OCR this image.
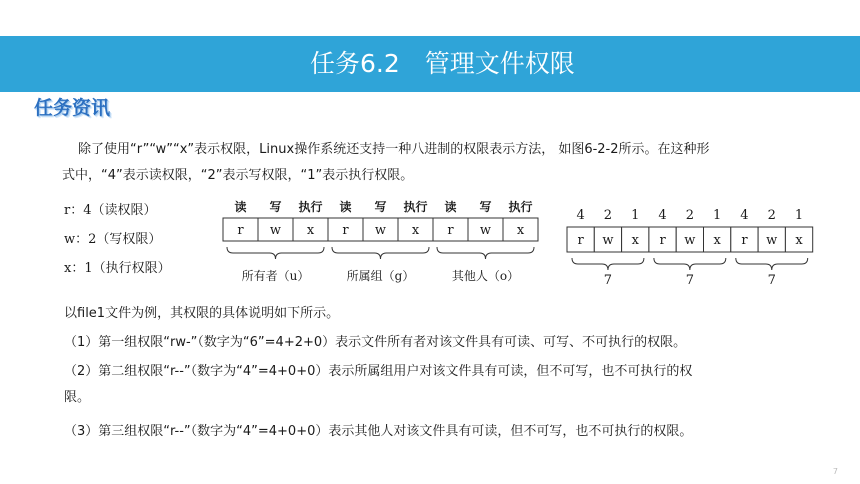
任务6.2　管理文件权限
任务资讯
除了使用“r”“w”“x”表示权限，Linux操作系统还支持一种八进制的权限表示方法， 如图6-2-2所示。在这种形
式中，“4”表示读权限，“2”表示写权限，“1”表示执行权限。
r：4（读权限）
w：2（写权限）
x：1（执行权限）
读 写 执行 读 写 执行 读 写 执行
r w x r w x r w x
所有者（u）	所属组（g）	其他人（o）
4 2 1 4 2 1 4 2 1
r w x r w x r w x
7	7	7
以file1文件为例，其权限的具体说明如下所示。
（1）第一组权限“rw-”（数字为“6”=4+2+0）表示文件所有者对该文件具有可读、可写、不可执行的权限。
（2）第二组权限“r--”（数字为“4”=4+0+0）表示所属组用户对该文件具有可读，但不可写，也不可执行的权
限。
（3）第三组权限“r--”（数字为“4”=4+0+0）表示其他人对该文件具有可读，但不可写，也不可执行的权限。
7
